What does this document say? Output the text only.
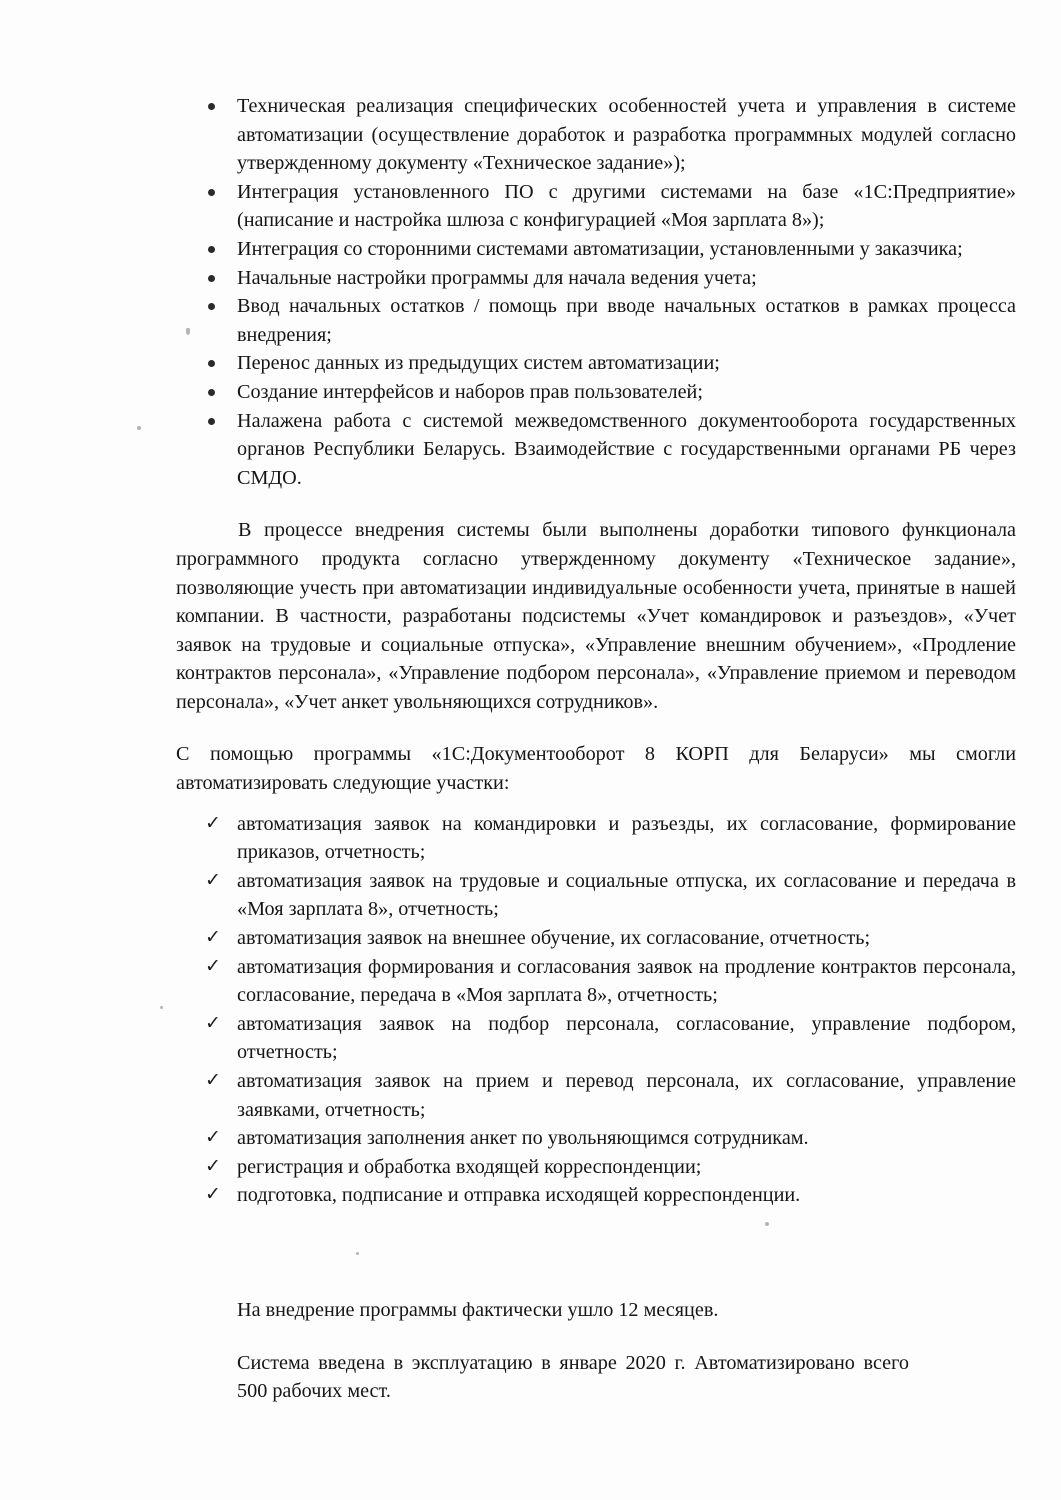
Техническая реализация специфических особенностей учета и управления в системе автоматизации (осуществление доработок и разработка программных модулей согласно утвержденному документу «Техническое задание»);
Интеграция установленного ПО с другими системами на базе «1С:Предприятие» (написание и настройка шлюза с конфигурацией «Моя зарплата 8»);
Интеграция со сторонними системами автоматизации, установленными у заказчика;
Начальные настройки программы для начала ведения учета;
Ввод начальных остатков / помощь при вводе начальных остатков в рамках процесса внедрения;
Перенос данных из предыдущих систем автоматизации;
Создание интерфейсов и наборов прав пользователей;
Налажена работа с системой межведомственного документооборота государственных органов Республики Беларусь. Взаимодействие с государственными органами РБ через СМДО.

В процессе внедрения системы были выполнены доработки типового функционала программного продукта согласно утвержденному документу «Техническое задание», позволяющие учесть при автоматизации индивидуальные особенности учета, принятые в нашей компании. В частности, разработаны подсистемы «Учет командировок и разъездов», «Учет заявок на трудовые и социальные отпуска», «Управление внешним обучением», «Продление контрактов персонала», «Управление подбором персонала», «Управление приемом и переводом персонала», «Учет анкет увольняющихся сотрудников».

С помощью программы «1С:Документооборот 8 КОРП для Беларуси» мы смогли автоматизировать следующие участки:

✓ автоматизация заявок на командировки и разъезды, их согласование, формирование приказов, отчетность;
✓ автоматизация заявок на трудовые и социальные отпуска, их согласование и передача в «Моя зарплата 8», отчетность;
✓ автоматизация заявок на внешнее обучение, их согласование, отчетность;
✓ автоматизация формирования и согласования заявок на продление контрактов персонала, согласование, передача в «Моя зарплата 8», отчетность;
✓ автоматизация заявок на подбор персонала, согласование, управление подбором, отчетность;
✓ автоматизация заявок на прием и перевод персонала, их согласование, управление заявками, отчетность;
✓ автоматизация заполнения анкет по увольняющимся сотрудникам.
✓ регистрация и обработка входящей корреспонденции;
✓ подготовка, подписание и отправка исходящей корреспонденции.

На внедрение программы фактически ушло 12 месяцев.

Система введена в эксплуатацию в январе 2020 г. Автоматизировано всего 500 рабочих мест.
